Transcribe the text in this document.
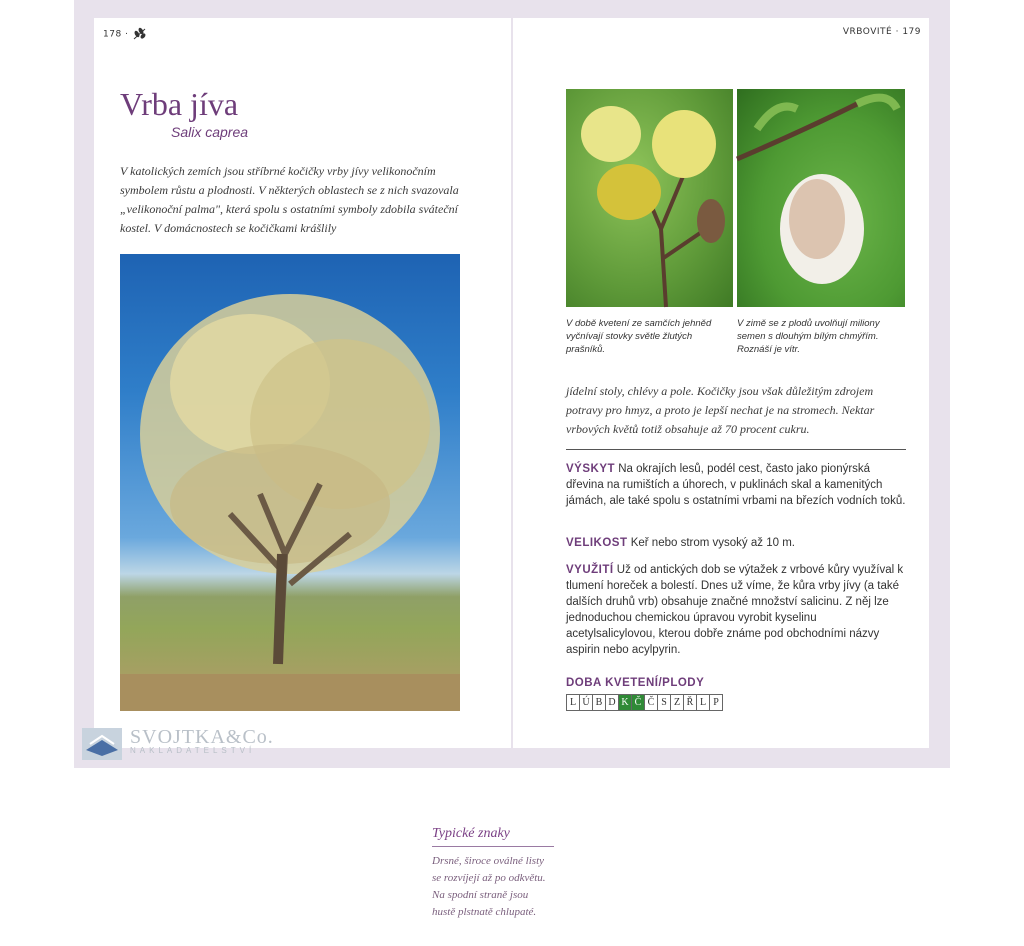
178 ·	VRBOVITÉ · 179
Vrba jíva
Salix caprea
V katolických zemích jsou stříbrné kočičky vrby jívy velikonočním symbolem růstu a plodnosti. V některých oblastech se z nich svazovala „velikonoční palma", která spolu s ostatními symboly zdobila sváteční kostel. V domácnostech se kočičkami krášlily
Typické znaky

Drsné, široce oválné listy se rozvíjejí až po odkvětu. Na spodní straně jsou hustě plstnatě chlupaté.

V době kvetení ze samčích jehněd vyčnívají stovky světle žlutých prašníků.
V zimě se z plodů uvolňují miliony semen s dlouhým bílým chmýřím. Roznáší je vítr.
jídelní stoly, chlévy a pole. Kočičky jsou však důležitým zdrojem potravy pro hmyz, a proto je lepší nechat je na stromech. Nektar vrbových květů totiž obsahuje až 70 procent cukru.
VÝSKYT Na okrajích lesů, podél cest, často jako pionýrská dřevina na rumištích a úhorech, v puklinách skal a kamenitých jámách, ale také spolu s ostatními vrbami na březích vodních toků.
VELIKOST Keř nebo strom vysoký až 10 m.
VYUŽITÍ Už od antických dob se výtažek z vrbové kůry využíval k tlumení horeček a bolestí. Dnes už víme, že kůra vrby jívy (a také dalších druhů vrb) obsahuje značné množství salicinu. Z něj lze jednoduchou chemickou úpravou vyrobit kyselinu acetylsalicylovou, kterou dobře známe pod obchodními názvy aspirin nebo acylpyrin.
DOBA KVETENÍ/PLODY
L Ú B D K Č Č S Z Ř L P
SVOJTKA&Co.
NAKLADATELSTVÍ
